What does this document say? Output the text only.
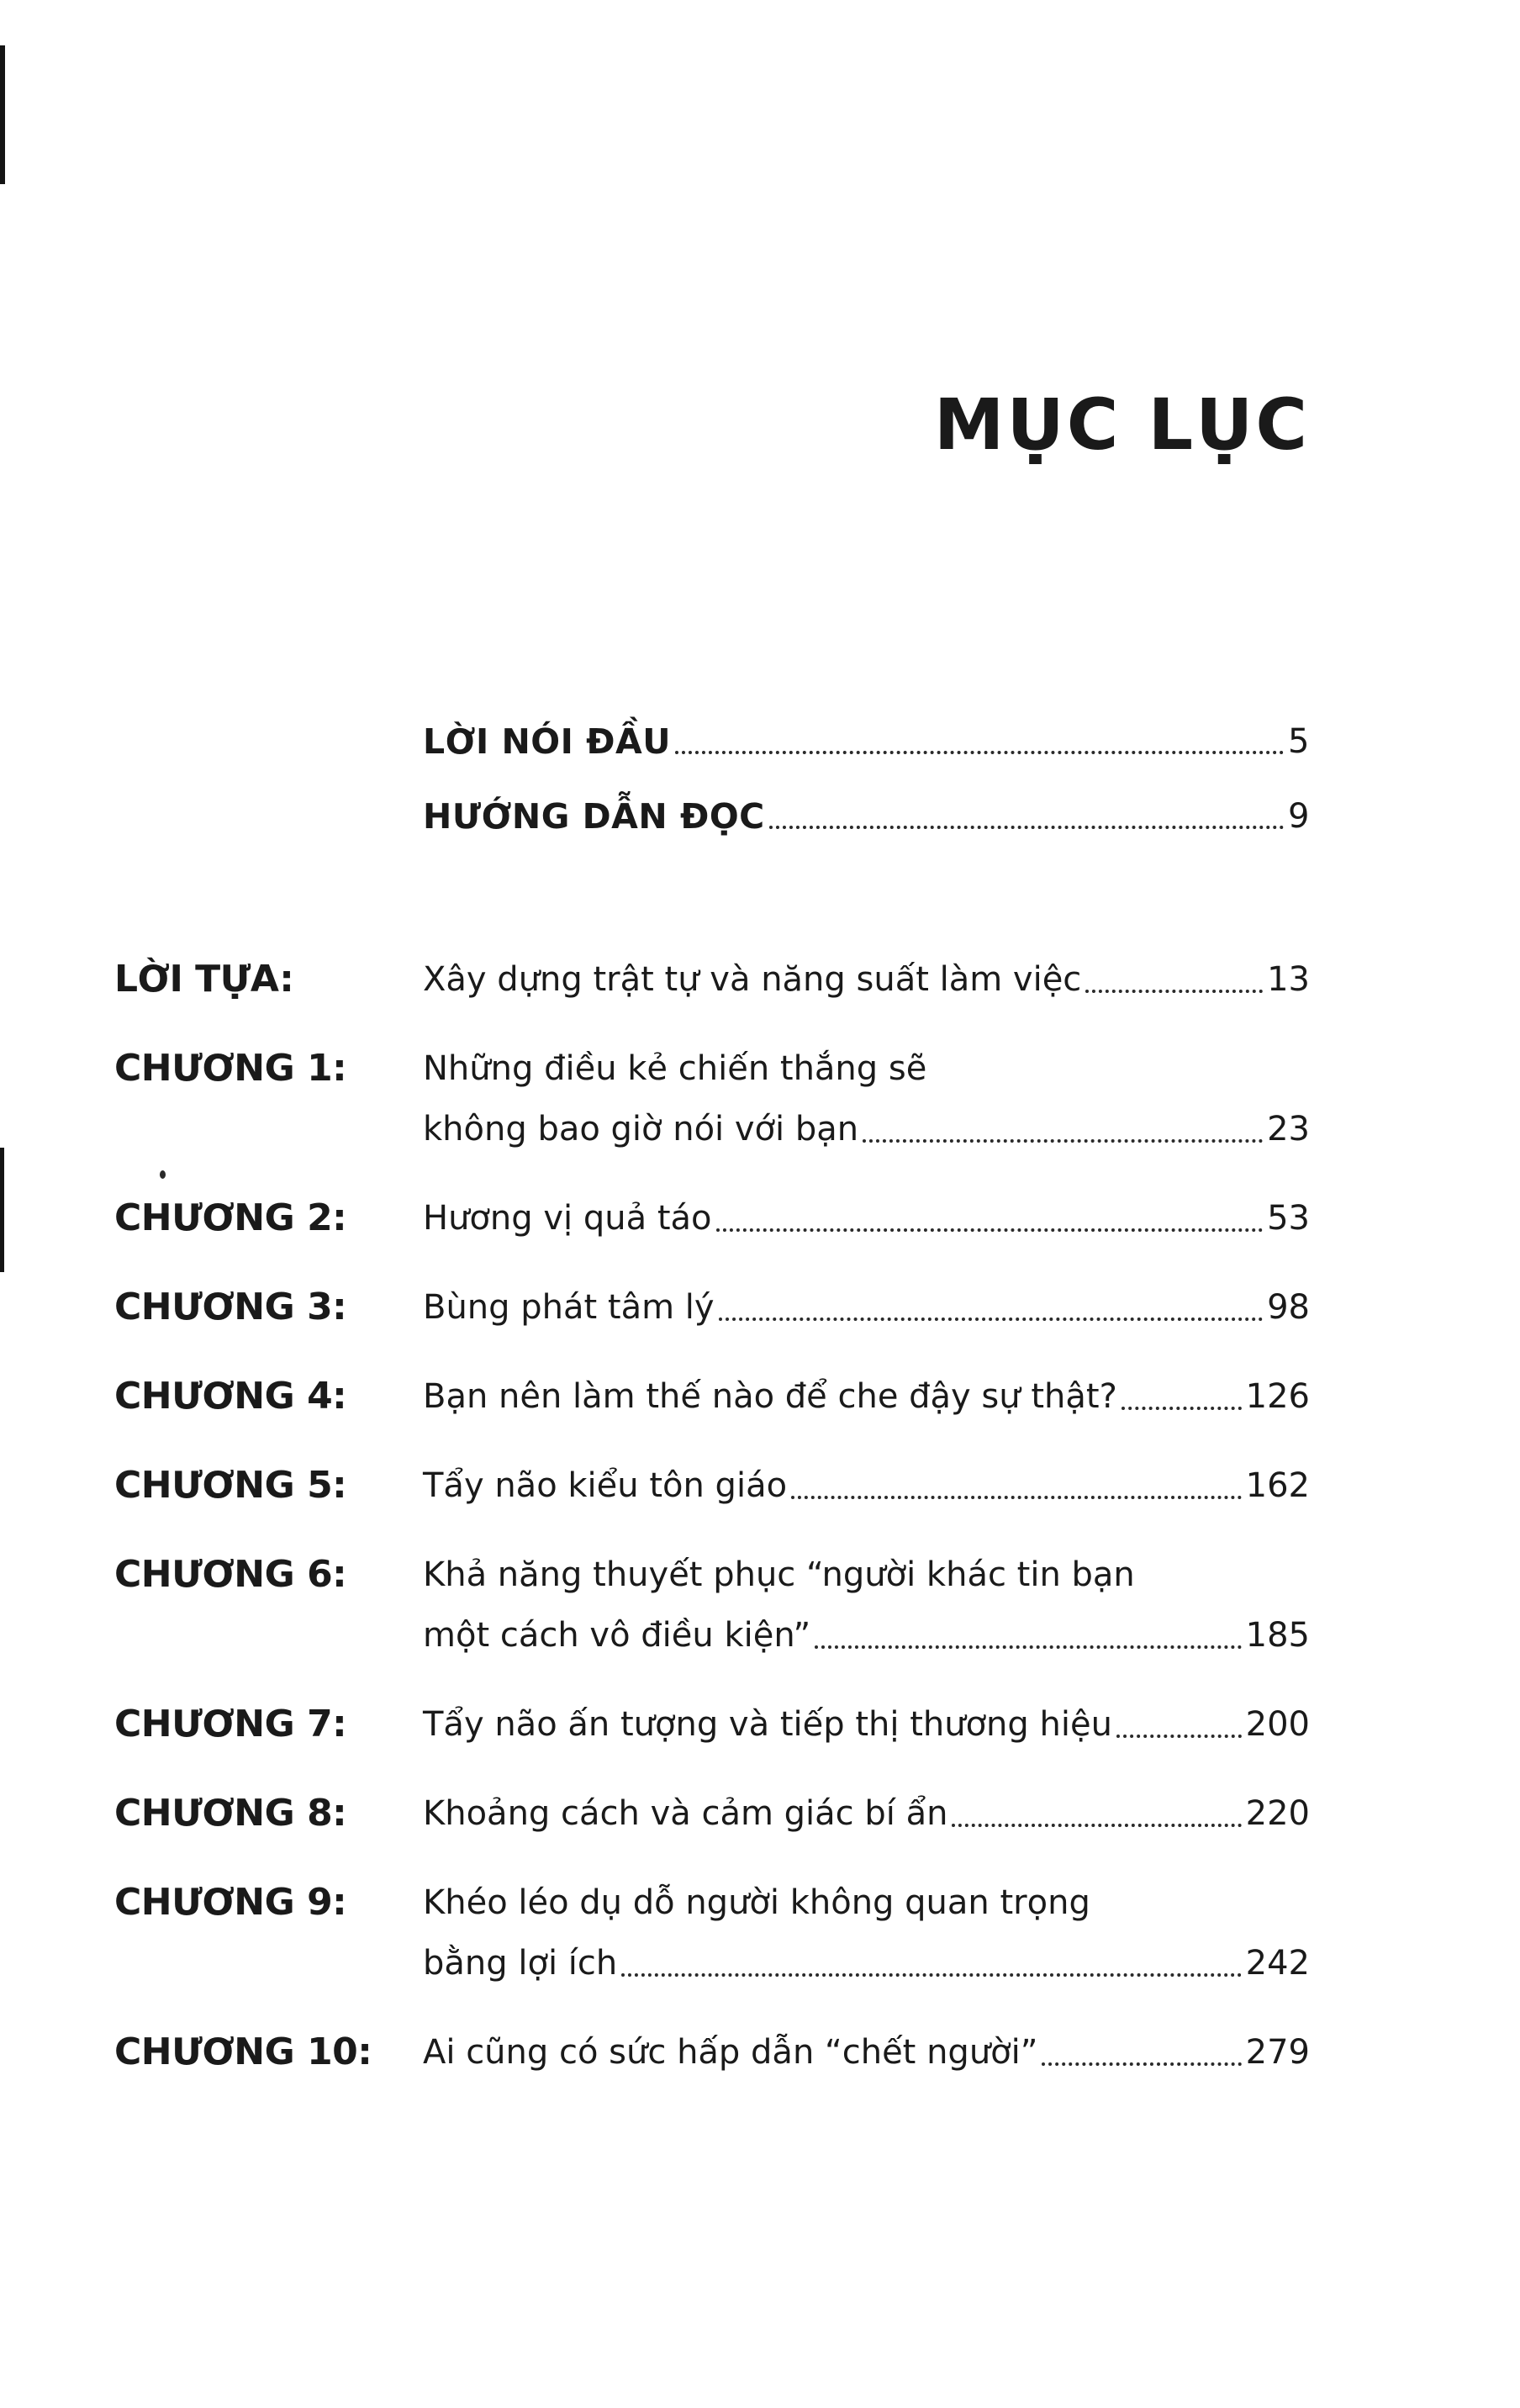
MỤC LỤC
LỜI NÓI ĐẦU	5
HƯỚNG DẪN ĐỌC	9
LỜI TỰA:	Xây dựng trật tự và năng suất làm việc	13
CHƯƠNG 1:	Những điều kẻ chiến thắng sẽ
không bao giờ nói với bạn	23
CHƯƠNG 2:	Hương vị quả táo	53
CHƯƠNG 3:	Bùng phát tâm lý	98
CHƯƠNG 4:	Bạn nên làm thế nào để che đậy sự thật?	126
CHƯƠNG 5:	Tẩy não kiểu tôn giáo	162
CHƯƠNG 6:	Khả năng thuyết phục “người khác tin bạn
một cách vô điều kiện”	185
CHƯƠNG 7:	Tẩy não ấn tượng và tiếp thị thương hiệu	200
CHƯƠNG 8:	Khoảng cách và cảm giác bí ẩn	220
CHƯƠNG 9:	Khéo léo dụ dỗ người không quan trọng
bằng lợi ích	242
CHƯƠNG 10:	Ai cũng có sức hấp dẫn “chết người”	279
